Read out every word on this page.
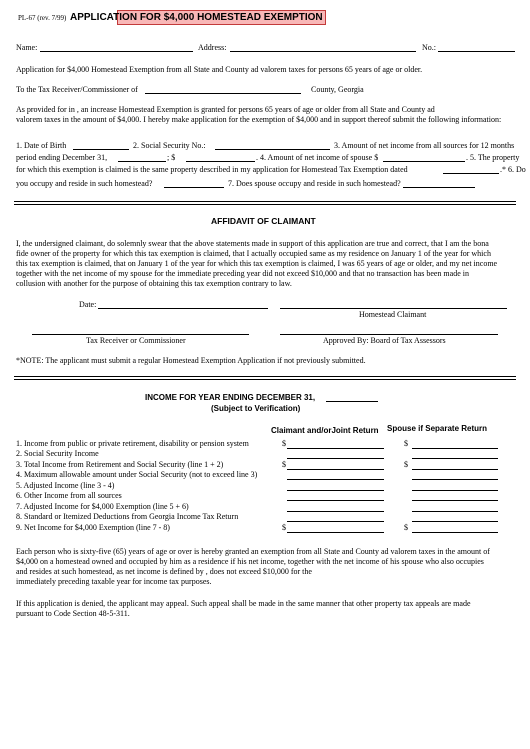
PL-67 (rev. 7/99) APPLICATION FOR $4,000 HOMESTEAD EXEMPTION
Name:	Address:	No.:
Application for $4,000 Homestead Exemption from all State and County ad valorem taxes for persons 65 years of age or older.
To the Tax Receiver/Commissioner of	County, Georgia
As provided for in , an increase Homestead Exemption is granted for persons 65 years of age or older from all State and County ad
valorem taxes in the amount of $4,000. I hereby make application for the exemption of $4,000 and in support thereof submit the following information:
1. Date of Birth	2. Social Security No.:	3. Amount of net income from all sources for 12 months
period ending December 31,	; $	. 4. Amount of net income of spouse $	. 5. The property
for which this exemption is claimed is the same property described in my application for Homestead Tax Exemption dated	.* 6. Do
you occupy and reside in such homestead?	7. Does spouse occupy and reside in such homestead?
AFFIDAVIT OF CLAIMANT
I, the undersigned claimant, do solemnly swear that the above statements made in support of this application are true and correct, that I am the bona
fide owner of the property for which this tax exemption is claimed, that I actually occupied same as my residence on January 1 of the year for which
this tax exemption is claimed, that on January 1 of the year for which this tax exemption is claimed, I was 65 years of age or older, and my net income
together with the net income of my spouse for the immediate preceding year did not exceed $10,000 and that no transaction has been made in
collusion with another for the purpose of obtaining this tax exemption contrary to law.
Date:
Homestead Claimant
Tax Receiver or Commissioner	Approved By: Board of Tax Assessors
*NOTE: The applicant must submit a regular Homestead Exemption Application if not previously submitted.
INCOME FOR YEAR ENDING DECEMBER 31,
(Subject to Verification)
Claimant and/orJoint Return Spouse if Separate Return
1. Income from public or private retirement, disability or pension system	$	$
2. Social Security Income
3. Total Income from Retirement and Social Security (line 1 + 2)	$	$
4. Maximum allowable amount under Social Security (not to exceed line 3)
5. Adjusted Income (line 3 - 4)
6. Other Income from all sources
7. Adjusted Income for $4,000 Exemption (line 5 + 6)
8. Standard or Itemized Deductions from Georgia Income Tax Return
9. Net Income for $4,000 Exemption (line 7 - 8)	$	$
Each person who is sixty-five (65) years of age or over is hereby granted an exemption from all State and County ad valorem taxes in the amount of
$4,000 on a homestead owned and occupied by him as a residence if his net income, together with the net income of his spouse who also occupies
and resides at such homestead, as net income is defined by , does not exceed $10,000 for the
immediately preceding taxable year for income tax purposes.
If this application is denied, the applicant may appeal. Such appeal shall be made in the same manner that other property tax appeals are made
pursuant to Code Section 48-5-311.
